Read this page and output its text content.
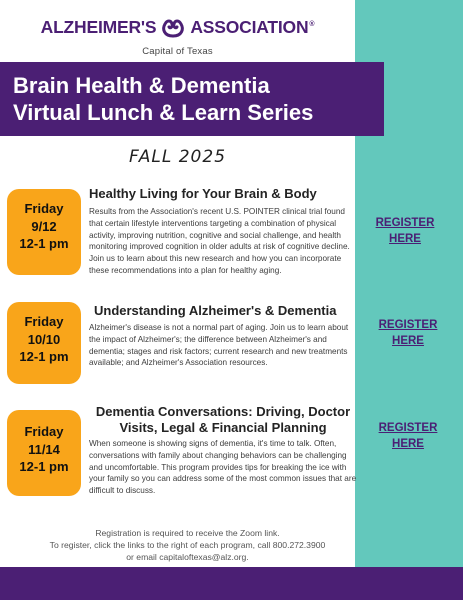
ALZHEIMER'S ASSOCIATION®
Capital of Texas
Brain Health & Dementia
Virtual Lunch & Learn Series
FALL 2025
Friday
9/12
12-1 pm
Healthy Living for Your Brain & Body
Results from the Association's recent U.S. POINTER clinical trial found that certain lifestyle interventions targeting a combination of physical activity, improving nutrition, cognitive and social challenge, and health monitoring improved cognition in older adults at risk of cognitive decline. Join us to learn about this new research and how you can incorporate these recommendations into a plan for healthy aging.
REGISTER
HERE
Friday
10/10
12-1 pm
Understanding Alzheimer's & Dementia
Alzheimer's disease is not a normal part of aging. Join us to learn about the impact of Alzheimer's; the difference between Alzheimer's and dementia; stages and risk factors; current research and new treatments available; and Alzheimer's Association resources.
REGISTER
HERE
Friday
11/14
12-1 pm
Dementia Conversations: Driving, Doctor
Visits, Legal & Financial Planning
When someone is showing signs of dementia, it's time to talk. Often, conversations with family about changing behaviors can be challenging and uncomfortable. This program provides tips for breaking the ice with your family so you can address some of the most common issues that are difficult to discuss.
REGISTER
HERE
Registration is required to receive the Zoom link.
To register, click the links to the right of each program, call 800.272.3900
or email capitaloftexas@alz.org.
